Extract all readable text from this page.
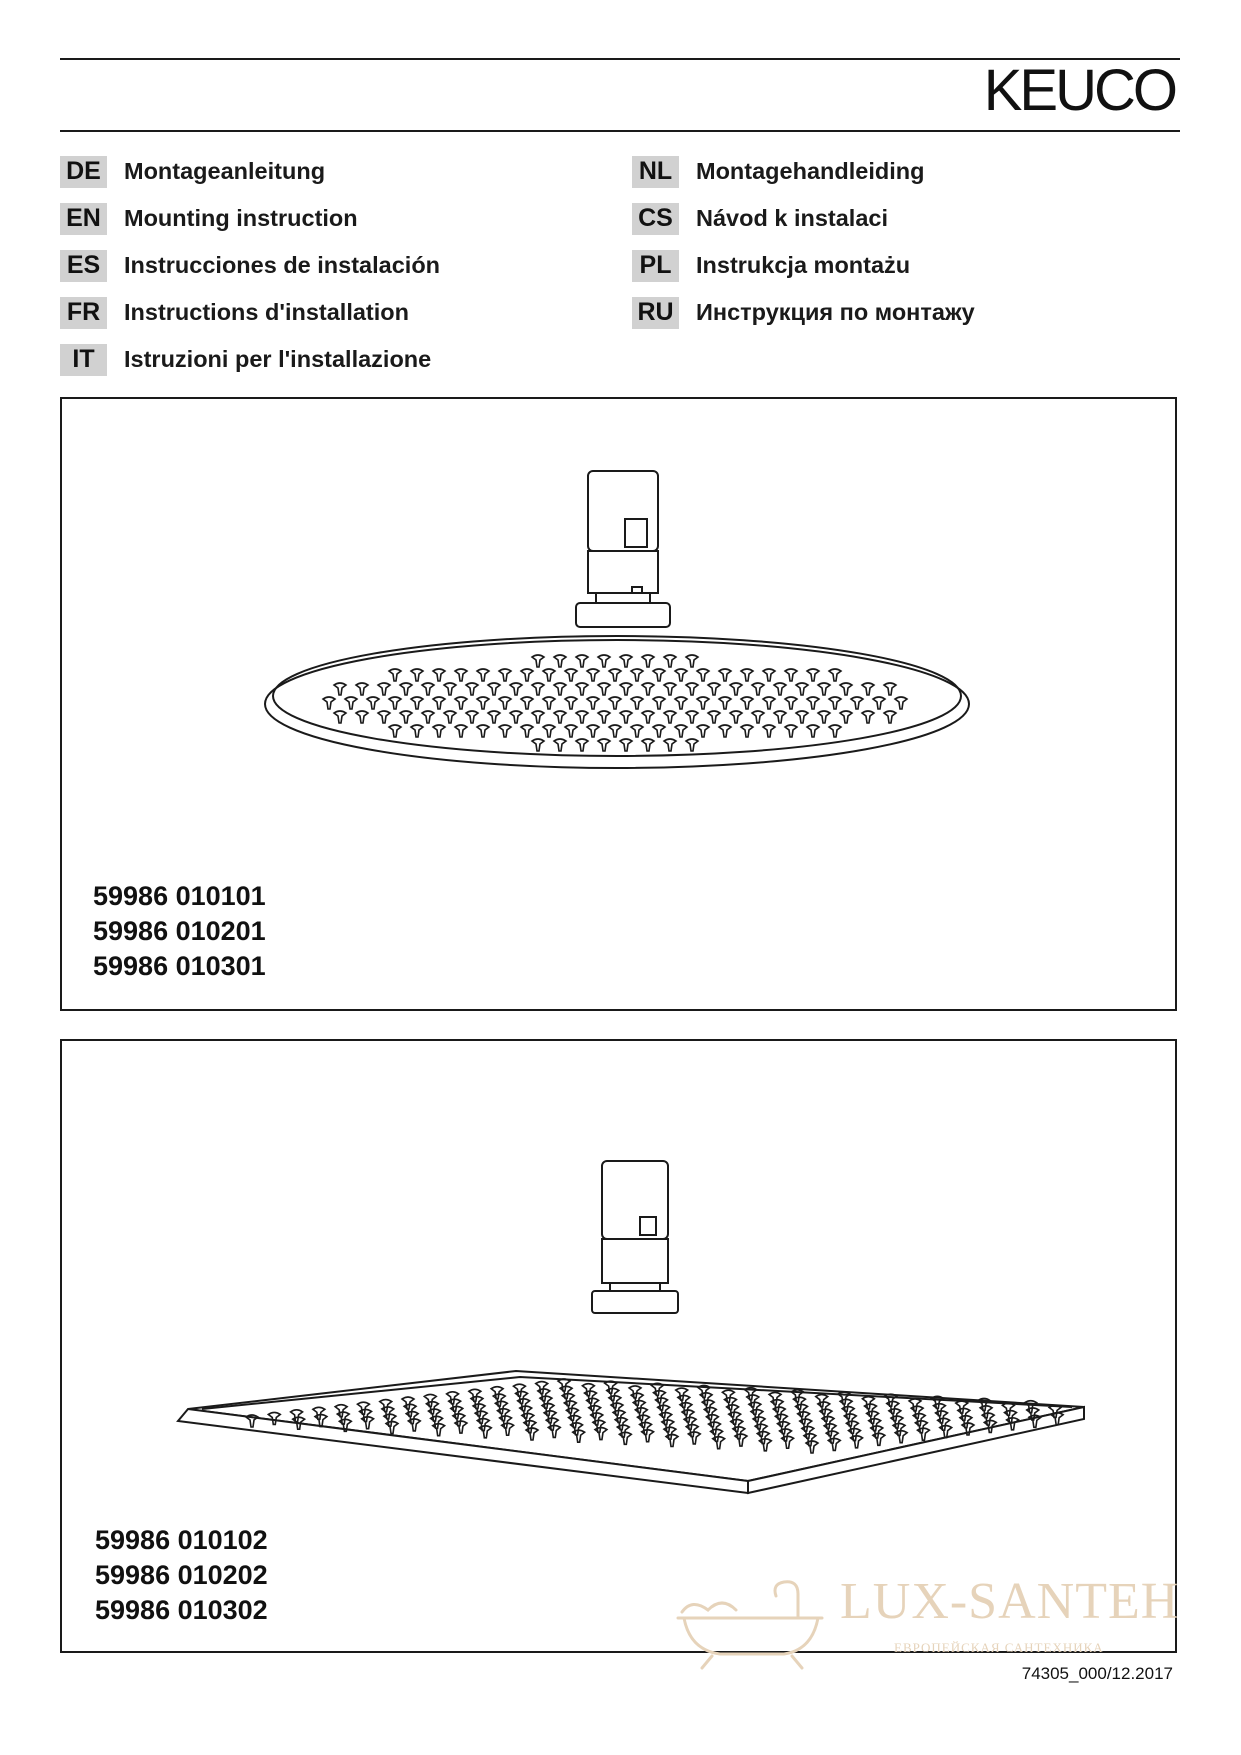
KEUCO
DE Montageanleitung
EN Mounting instruction
ES Instrucciones de instalación
FR Instructions d'installation
IT	Istruzioni per l'installazione
NL Montagehandleiding
CS Návod k instalaci
PL	Instrukcja montażu
RU Инструкция по монтажу
59986 010101
59986 010201
59986 010301
59986 010102
59986 010202
59986 010302	LUX-SANTEH
ЕВРОПЕЙСКАЯ САНТЕХНИКА
74305_000/12.2017
